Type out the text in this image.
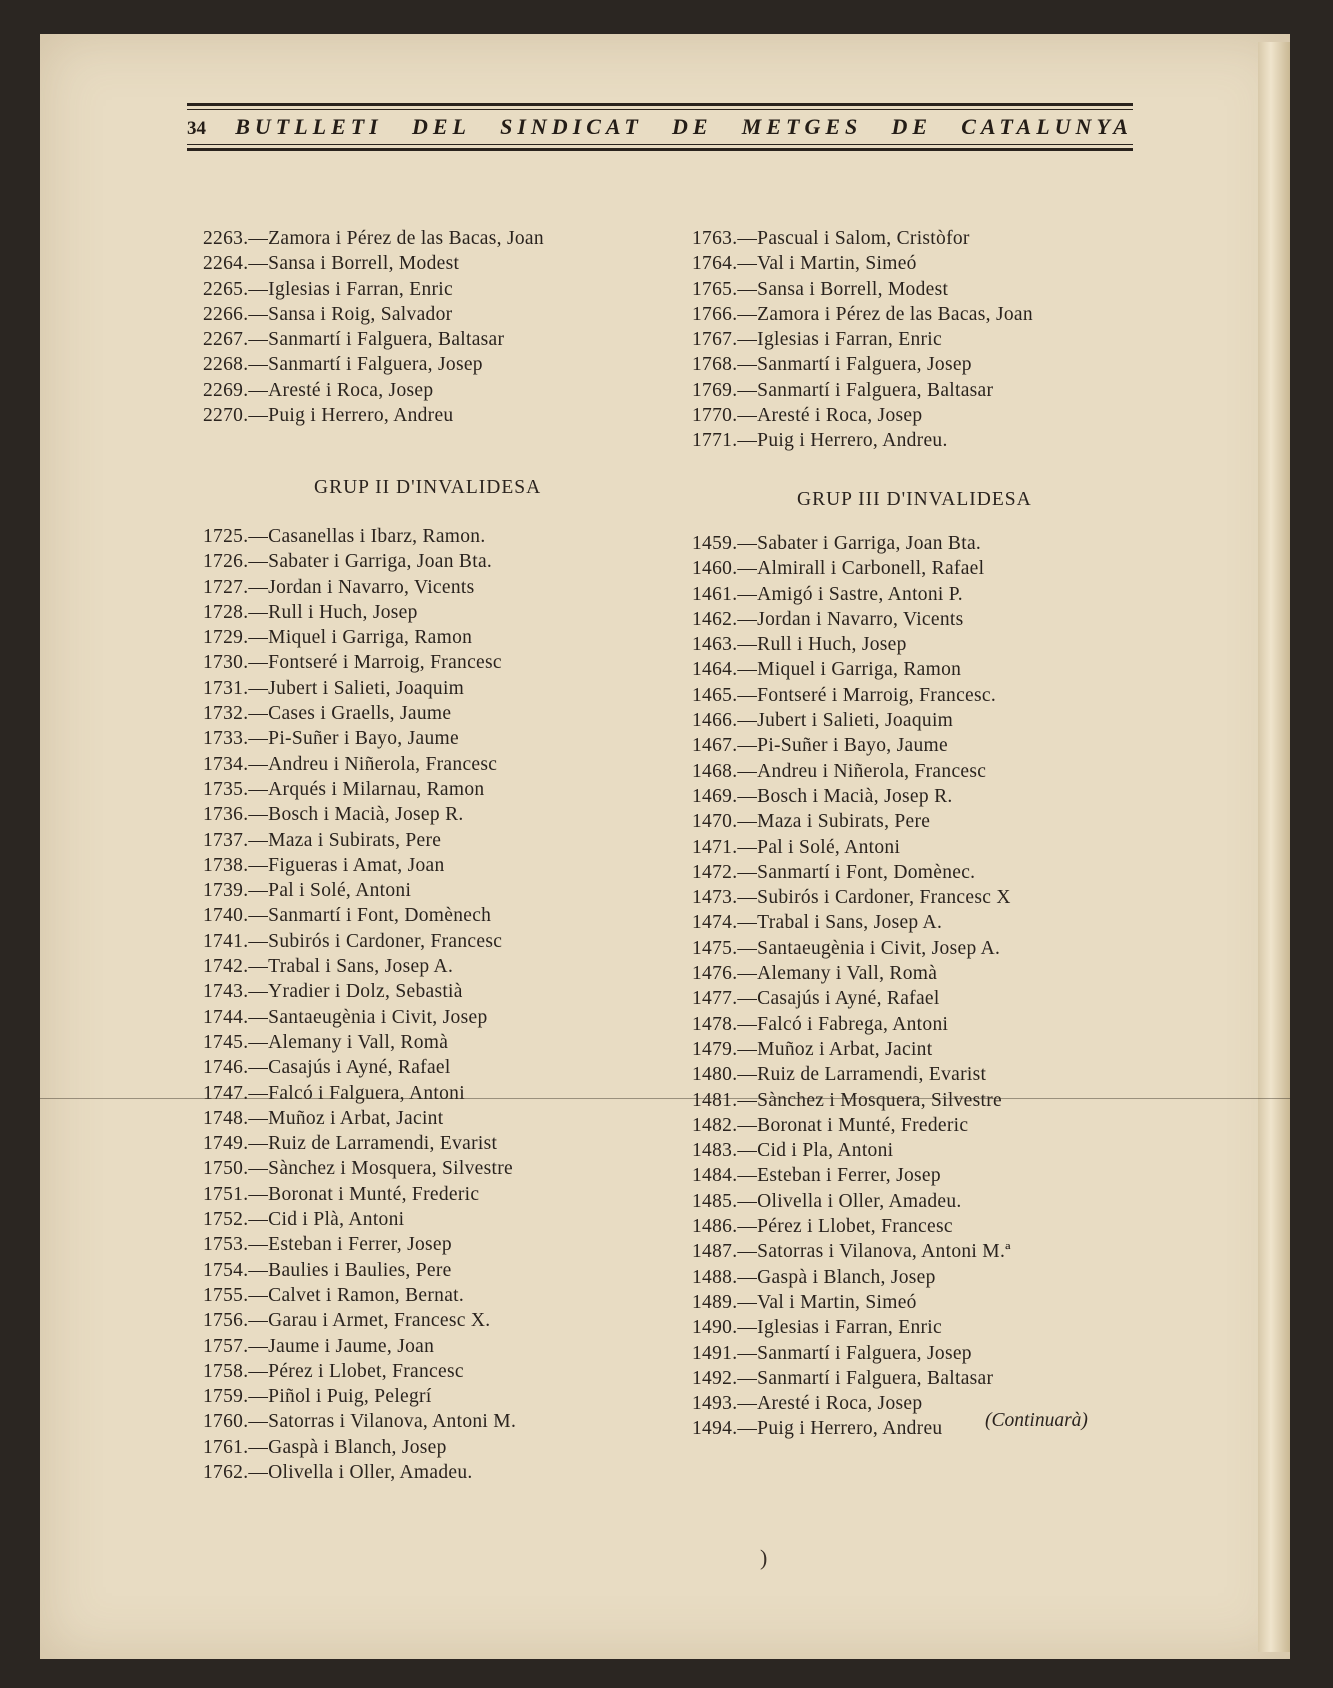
34 BUTLLETI DEL SINDICAT DE METGES DE CATALUNYA
2263.—Zamora i Pérez de las Bacas, Joan
2264.—Sansa i Borrell, Modest
2265.—Iglesias i Farran, Enric
2266.—Sansa i Roig, Salvador
2267.—Sanmartí i Falguera, Baltasar
2268.—Sanmartí i Falguera, Josep
2269.—Aresté i Roca, Josep
2270.—Puig i Herrero, Andreu
GRUP II D'INVALIDESA
1725.—Casanellas i Ibarz, Ramon.
1726.—Sabater i Garriga, Joan Bta.
1727.—Jordan i Navarro, Vicents
1728.—Rull i Huch, Josep
1729.—Miquel i Garriga, Ramon
1730.—Fontseré i Marroig, Francesc
1731.—Jubert i Salieti, Joaquim
1732.—Cases i Graells, Jaume
1733.—Pi-Suñer i Bayo, Jaume
1734.—Andreu i Niñerola, Francesc
1735.—Arqués i Milarnau, Ramon
1736.—Bosch i Macià, Josep R.
1737.—Maza i Subirats, Pere
1738.—Figueras i Amat, Joan
1739.—Pal i Solé, Antoni
1740.—Sanmartí i Font, Domènech
1741.—Subirós i Cardoner, Francesc
1742.—Trabal i Sans, Josep A.
1743.—Yradier i Dolz, Sebastià
1744.—Santaeugènia i Civit, Josep
1745.—Alemany i Vall, Romà
1746.—Casajús i Ayné, Rafael
1747.—Falcó i Falguera, Antoni
1748.—Muñoz i Arbat, Jacint
1749.—Ruiz de Larramendi, Evarist
1750.—Sànchez i Mosquera, Silvestre
1751.—Boronat i Munté, Frederic
1752.—Cid i Plà, Antoni
1753.—Esteban i Ferrer, Josep
1754.—Baulies i Baulies, Pere
1755.—Calvet i Ramon, Bernat.
1756.—Garau i Armet, Francesc X.
1757.—Jaume i Jaume, Joan
1758.—Pérez i Llobet, Francesc
1759.—Piñol i Puig, Pelegrí
1760.—Satorras i Vilanova, Antoni M.
1761.—Gaspà i Blanch, Josep
1762.—Olivella i Oller, Amadeu.
1763.—Pascual i Salom, Cristòfor
1764.—Val i Martin, Simeó
1765.—Sansa i Borrell, Modest
1766.—Zamora i Pérez de las Bacas, Joan
1767.—Iglesias i Farran, Enric
1768.—Sanmartí i Falguera, Josep
1769.—Sanmartí i Falguera, Baltasar
1770.—Aresté i Roca, Josep
1771.—Puig i Herrero, Andreu.
GRUP III D'INVALIDESA
1459.—Sabater i Garriga, Joan Bta.
1460.—Almirall i Carbonell, Rafael
1461.—Amigó i Sastre, Antoni P.
1462.—Jordan i Navarro, Vicents
1463.—Rull i Huch, Josep
1464.—Miquel i Garriga, Ramon
1465.—Fontseré i Marroig, Francesc.
1466.—Jubert i Salieti, Joaquim
1467.—Pi-Suñer i Bayo, Jaume
1468.—Andreu i Niñerola, Francesc
1469.—Bosch i Macià, Josep R.
1470.—Maza i Subirats, Pere
1471.—Pal i Solé, Antoni
1472.—Sanmartí i Font, Domènec.
1473.—Subirós i Cardoner, Francesc X
1474.—Trabal i Sans, Josep A.
1475.—Santaeugènia i Civit, Josep A.
1476.—Alemany i Vall, Romà
1477.—Casajús i Ayné, Rafael
1478.—Falcó i Fabrega, Antoni
1479.—Muñoz i Arbat, Jacint
1480.—Ruiz de Larramendi, Evarist
1481.—Sànchez i Mosquera, Silvestre
1482.—Boronat i Munté, Frederic
1483.—Cid i Pla, Antoni
1484.—Esteban i Ferrer, Josep
1485.—Olivella i Oller, Amadeu.
1486.—Pérez i Llobet, Francesc
1487.—Satorras i Vilanova, Antoni M.ª
1488.—Gaspà i Blanch, Josep
1489.—Val i Martin, Simeó
1490.—Iglesias i Farran, Enric
1491.—Sanmartí i Falguera, Josep
1492.—Sanmartí i Falguera, Baltasar
1493.—Aresté i Roca, Josep
1494.—Puig i Herrero, Andreu	(Continuarà)
)
